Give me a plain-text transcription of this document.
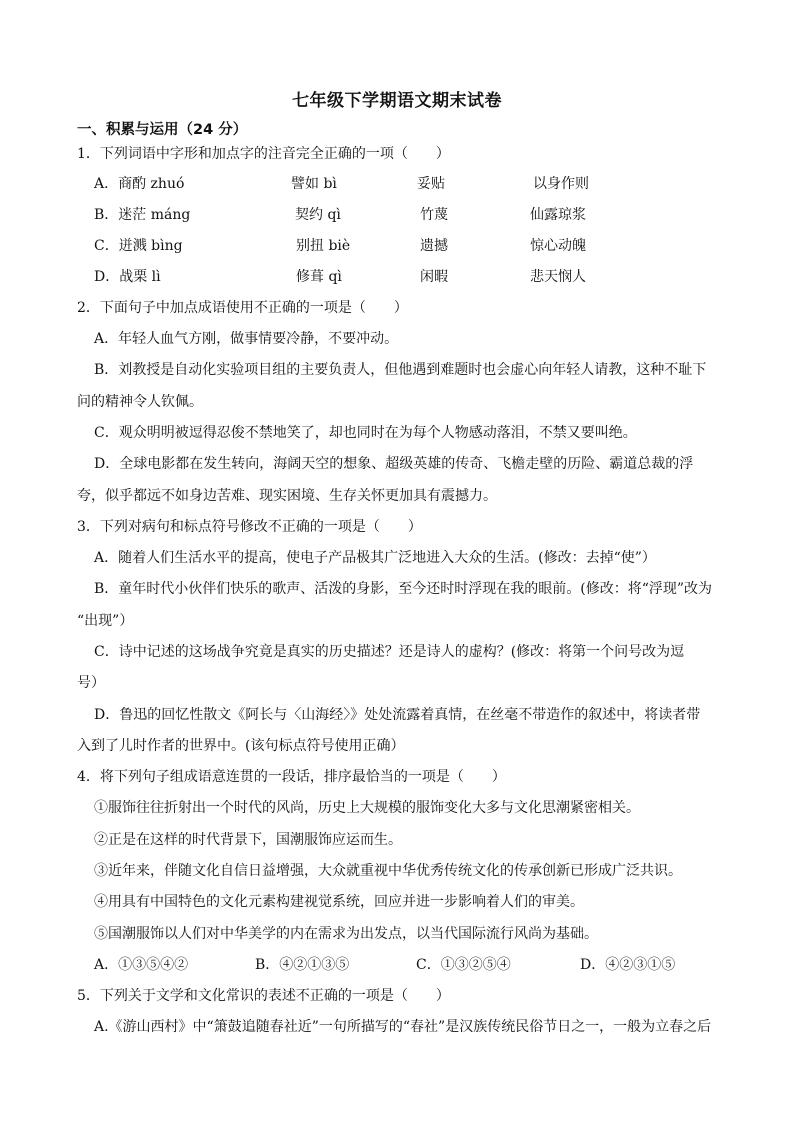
七年级下学期语文期末试卷
一、积累与运用（24 分）
1．下列词语中字形和加点字的注音完全正确的一项（　　）
A．商酌 zhuó	譬如 bì	妥贴	以身作则
B．迷茫 máng	契约 qì	竹蔑	仙露琼浆
C．迸溅 bìng	别扭 biè	遗撼	惊心动魄
D．战栗 lì	修葺 qì	闲暇	悲天悯人
2．下面句子中加点成语使用不正确的一项是（　　）
A．年轻人血气方刚，做事情要冷静，不要冲动。
B．刘教授是自动化实验项目组的主要负责人，但他遇到难题时也会虚心向年轻人请教，这种不耻下
问的精神令人钦佩。
C．观众明明被逗得忍俊不禁地笑了，却也同时在为每个人物感动落泪，不禁又要叫绝。
D．全球电影都在发生转向，海阔天空的想象、超级英雄的传奇、飞檐走壁的历险、霸道总裁的浮
夸，似乎都远不如身边苦难、现实困境、生存关怀更加具有震撼力。
3．下列对病句和标点符号修改不正确的一项是（　　）
A．随着人们生活水平的提高，使电子产品极其广泛地进入大众的生活。(修改：去掉“使”）
B．童年时代小伙伴们快乐的歌声、活泼的身影，至今还时时浮现在我的眼前。(修改：将“浮现”改为
“出现”）
C．诗中记述的这场战争究竟是真实的历史描述？还是诗人的虚构？(修改：将第一个问号改为逗
号）
D．鲁迅的回忆性散文《阿长与〈山海经〉》处处流露着真情，在丝毫不带造作的叙述中，将读者带
入到了儿时作者的世界中。(该句标点符号使用正确）
4．将下列句子组成语意连贯的一段话，排序最恰当的一项是（　　）
①服饰往往折射出一个时代的风尚，历史上大规模的服饰变化大多与文化思潮紧密相关。
②正是在这样的时代背景下，国潮服饰应运而生。
③近年来，伴随文化自信日益增强，大众就重视中华优秀传统文化的传承创新已形成广泛共识。
④用具有中国特色的文化元素构建视觉系统，回应并进一步影响着人们的审美。
⑤国潮服饰以人们对中华美学的内在需求为出发点，以当代国际流行风尚为基础。
A．①③⑤④②	B．④②①③⑤	C．①③②⑤④	D．④②③①⑤
5．下列关于文学和文化常识的表述不正确的一项是（　　）
A.《游山西村》中“箫鼓追随春社近”一句所描写的“春社”是汉族传统民俗节日之一，一般为立春之后
